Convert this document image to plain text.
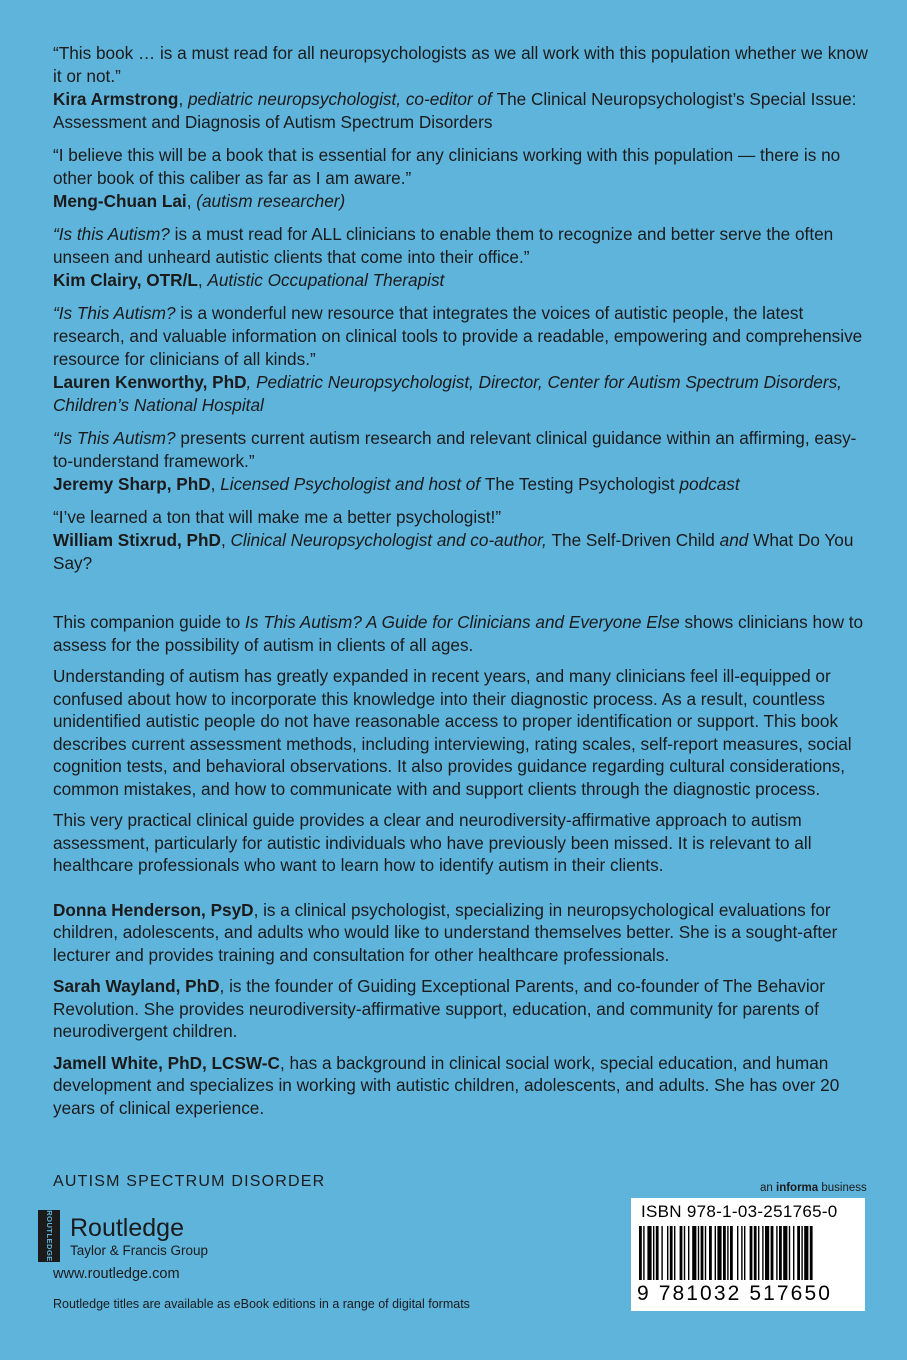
“This book … is a must read for all neuropsychologists as we all work with this population whether we know it or not.”

Kira Armstrong, pediatric neuropsychologist, co-editor of The Clinical Neuropsychologist’s Special Issue: Assessment and Diagnosis of Autism Spectrum Disorders

“I believe this will be a book that is essential for any clinicians working with this population — there is no other book of this caliber as far as I am aware.”

Meng-Chuan Lai, (autism researcher)

“Is this Autism? is a must read for ALL clinicians to enable them to recognize and better serve the often unseen and unheard autistic clients that come into their office.”

Kim Clairy, OTR/L, Autistic Occupational Therapist

“Is This Autism? is a wonderful new resource that integrates the voices of autistic people, the latest research, and valuable information on clinical tools to provide a readable, empowering and comprehensive resource for clinicians of all kinds.”

Lauren Kenworthy, PhD, Pediatric Neuropsychologist, Director, Center for Autism Spectrum Disorders, Children’s National Hospital

“Is This Autism? presents current autism research and relevant clinical guidance within an affirming, easy-to-understand framework.”

Jeremy Sharp, PhD, Licensed Psychologist and host of The Testing Psychologist podcast

“I’ve learned a ton that will make me a better psychologist!”

William Stixrud, PhD, Clinical Neuropsychologist and co-author, The Self-Driven Child and What Do You Say?

This companion guide to Is This Autism? A Guide for Clinicians and Everyone Else shows clinicians how to assess for the possibility of autism in clients of all ages.

Understanding of autism has greatly expanded in recent years, and many clinicians feel ill-equipped or confused about how to incorporate this knowledge into their diagnostic process. As a result, countless unidentified autistic people do not have reasonable access to proper identification or support. This book describes current assessment methods, including interviewing, rating scales, self-report measures, social cognition tests, and behavioral observations. It also provides guidance regarding cultural considerations, common mistakes, and how to communicate with and support clients through the diagnostic process.

This very practical clinical guide provides a clear and neurodiversity-affirmative approach to autism assessment, particularly for autistic individuals who have previously been missed. It is relevant to all healthcare professionals who want to learn how to identify autism in their clients.

Donna Henderson, PsyD, is a clinical psychologist, specializing in neuropsychological evaluations for children, adolescents, and adults who would like to understand themselves better. She is a sought-after lecturer and provides training and consultation for other healthcare professionals.

Sarah Wayland, PhD, is the founder of Guiding Exceptional Parents, and co-founder of The Behavior Revolution. She provides neurodiversity-affirmative support, education, and community for parents of neurodivergent children.

Jamell White, PhD, LCSW-C, has a background in clinical social work, special education, and human development and specializes in working with autistic children, adolescents, and adults. She has over 20 years of clinical experience.

AUTISM SPECTRUM DISORDER
ROUTLEDGE Routledge
Taylor & Francis Group
www.routledge.com
Routledge titles are available as eBook editions in a range of digital formats
an informa business
ISBN 978-1-03-251765-0
9 781032 517650
